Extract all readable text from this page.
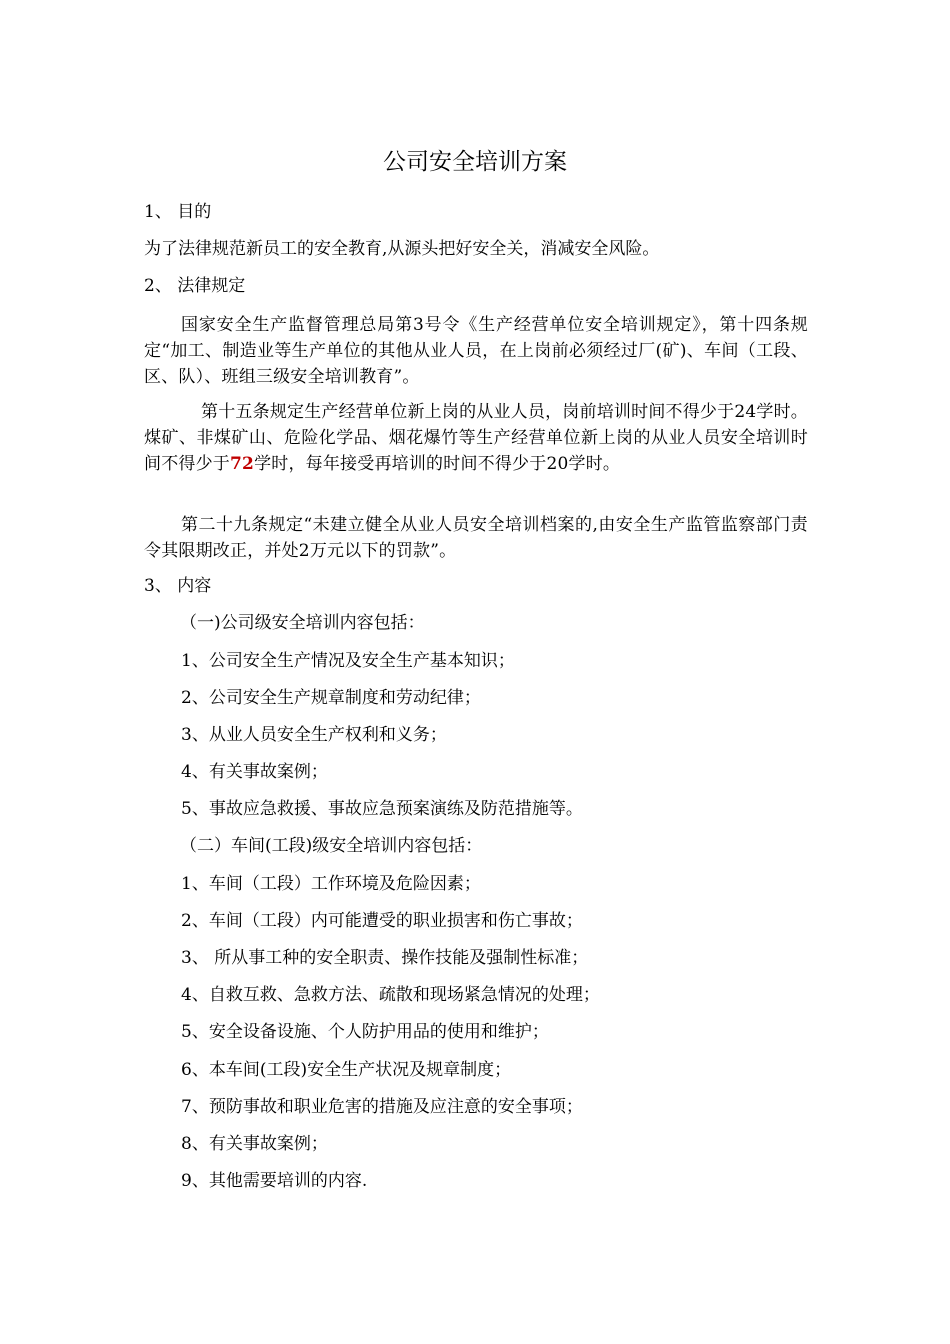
公司安全培训方案

1、 目的

为了法律规范新员工的安全教育,从源头把好安全关，消减安全风险。

2、 法律规定

国家安全生产监督管理总局第3号令《生产经营单位安全培训规定》，第十四条规定“加工、制造业等生产单位的其他从业人员，在上岗前必须经过厂(矿)、车间（工段、区、队）、班组三级安全培训教育”。

第十五条规定生产经营单位新上岗的从业人员，岗前培训时间不得少于24学时。煤矿、非煤矿山、危险化学品、烟花爆竹等生产经营单位新上岗的从业人员安全培训时间不得少于72学时，每年接受再培训的时间不得少于20学时。

第二十九条规定“未建立健全从业人员安全培训档案的,由安全生产监管监察部门责令其限期改正，并处2万元以下的罚款”。

3、 内容

（一)公司级安全培训内容包括：

1、公司安全生产情况及安全生产基本知识；

2、公司安全生产规章制度和劳动纪律；

3、从业人员安全生产权利和义务；

4、有关事故案例；

5、事故应急救援、事故应急预案演练及防范措施等。

（二）车间(工段)级安全培训内容包括：

1、车间（工段）工作环境及危险因素；

2、车间（工段）内可能遭受的职业损害和伤亡事故；

3、 所从事工种的安全职责、操作技能及强制性标准；

4、自救互救、急救方法、疏散和现场紧急情况的处理；

5、安全设备设施、个人防护用品的使用和维护；

6、本车间(工段)安全生产状况及规章制度；

7、预防事故和职业危害的措施及应注意的安全事项；

8、有关事故案例；

9、其他需要培训的内容.
